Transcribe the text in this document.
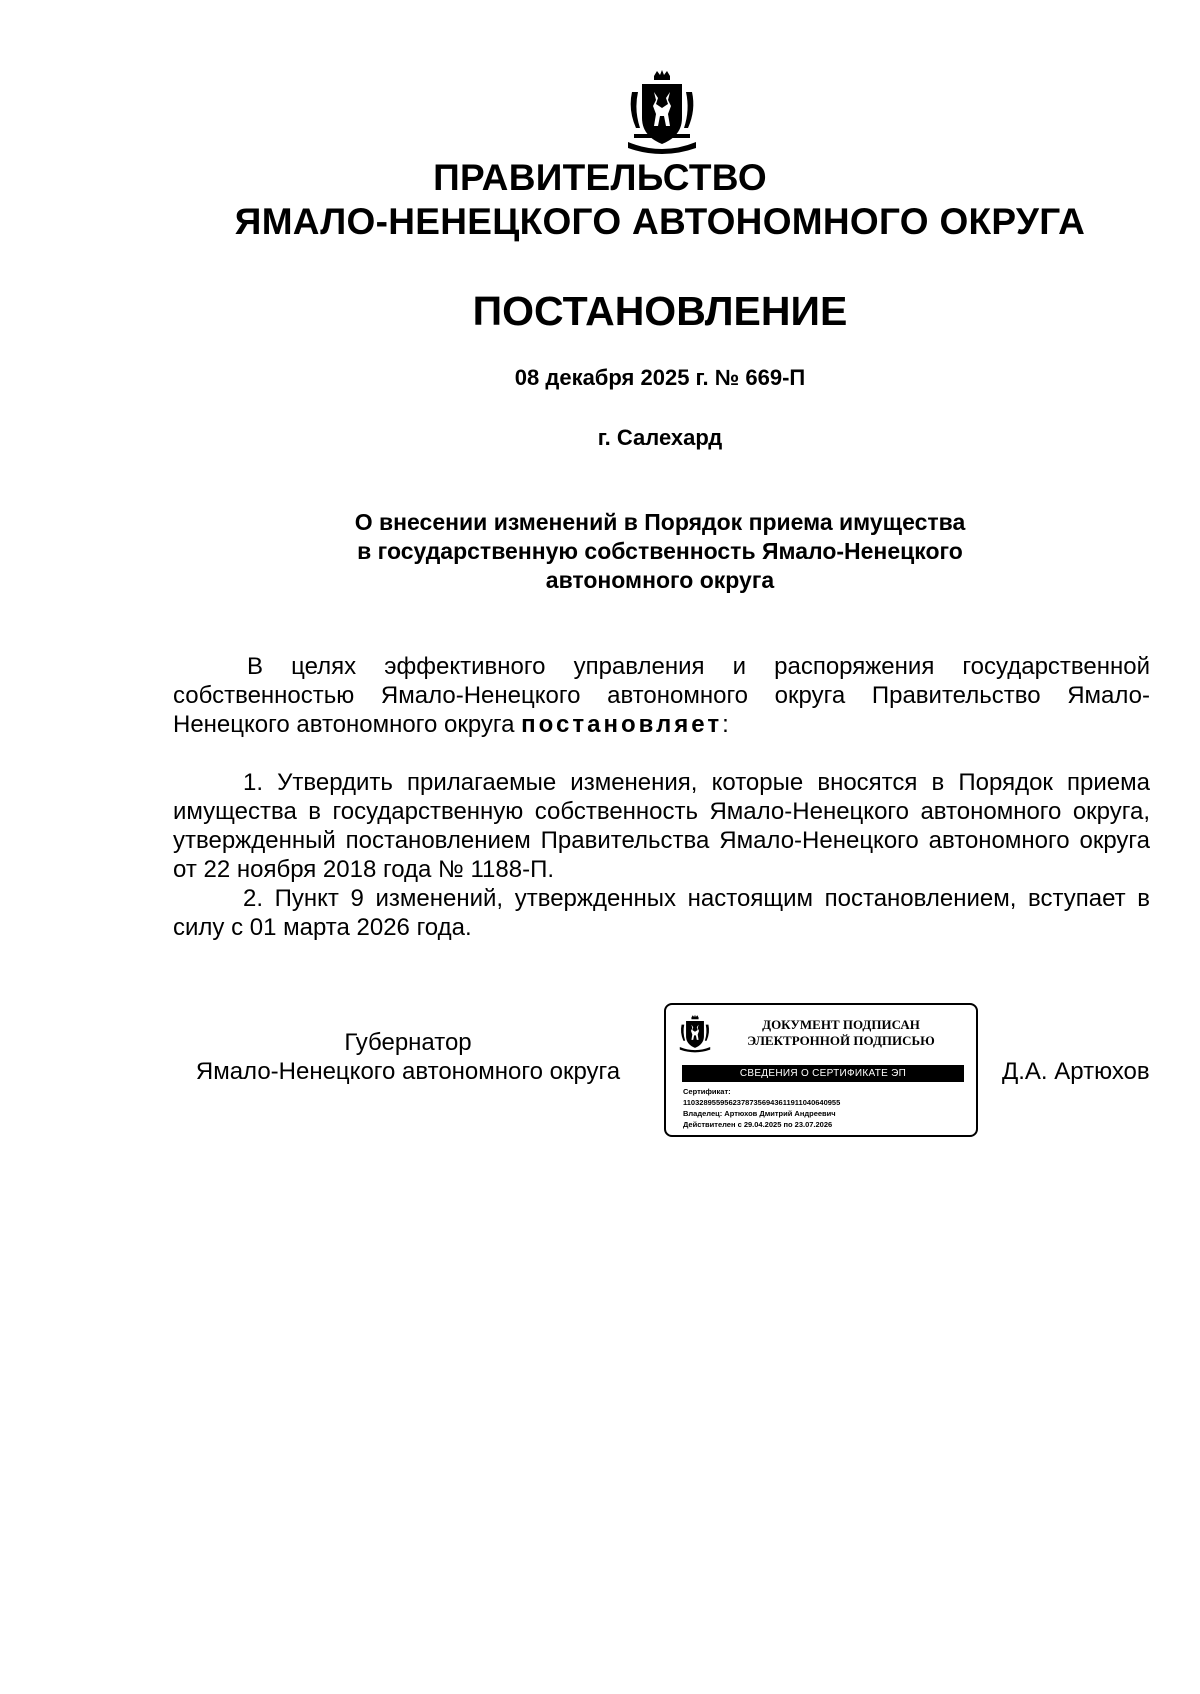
ПРАВИТЕЛЬСТВО
ЯМАЛО-НЕНЕЦКОГО АВТОНОМНОГО ОКРУГА
ПОСТАНОВЛЕНИЕ
08 декабря 2025 г. № 669-П
г. Салехард
О внесении изменений в Порядок приема имущества
в государственную собственность Ямало-Ненецкого
автономного округа
В целях эффективного управления и распоряжения государственной собственностью Ямало-Ненецкого автономного округа Правительство Ямало-Ненецкого автономного округа постановляет:
1. Утвердить прилагаемые изменения, которые вносятся в Порядок приема имущества в государственную собственность Ямало-Ненецкого автономного округа, утвержденный постановлением Правительства Ямало-Ненецкого автономного округа от 22 ноября 2018 года № 1188-П.
2. Пункт 9 изменений, утвержденных настоящим постановлением, вступает в силу с 01 марта 2026 года.
Губернатор
Ямало-Ненецкого автономного округа
ДОКУМЕНТ ПОДПИСАН
ЭЛЕКТРОННОЙ ПОДПИСЬЮ
СВЕДЕНИЯ О СЕРТИФИКАТЕ ЭП
Сертификат:
11032895595623787356943611911040640955
Владелец: Артюхов Дмитрий Андреевич
Действителен с 29.04.2025 по 23.07.2026
Д.А. Артюхов
